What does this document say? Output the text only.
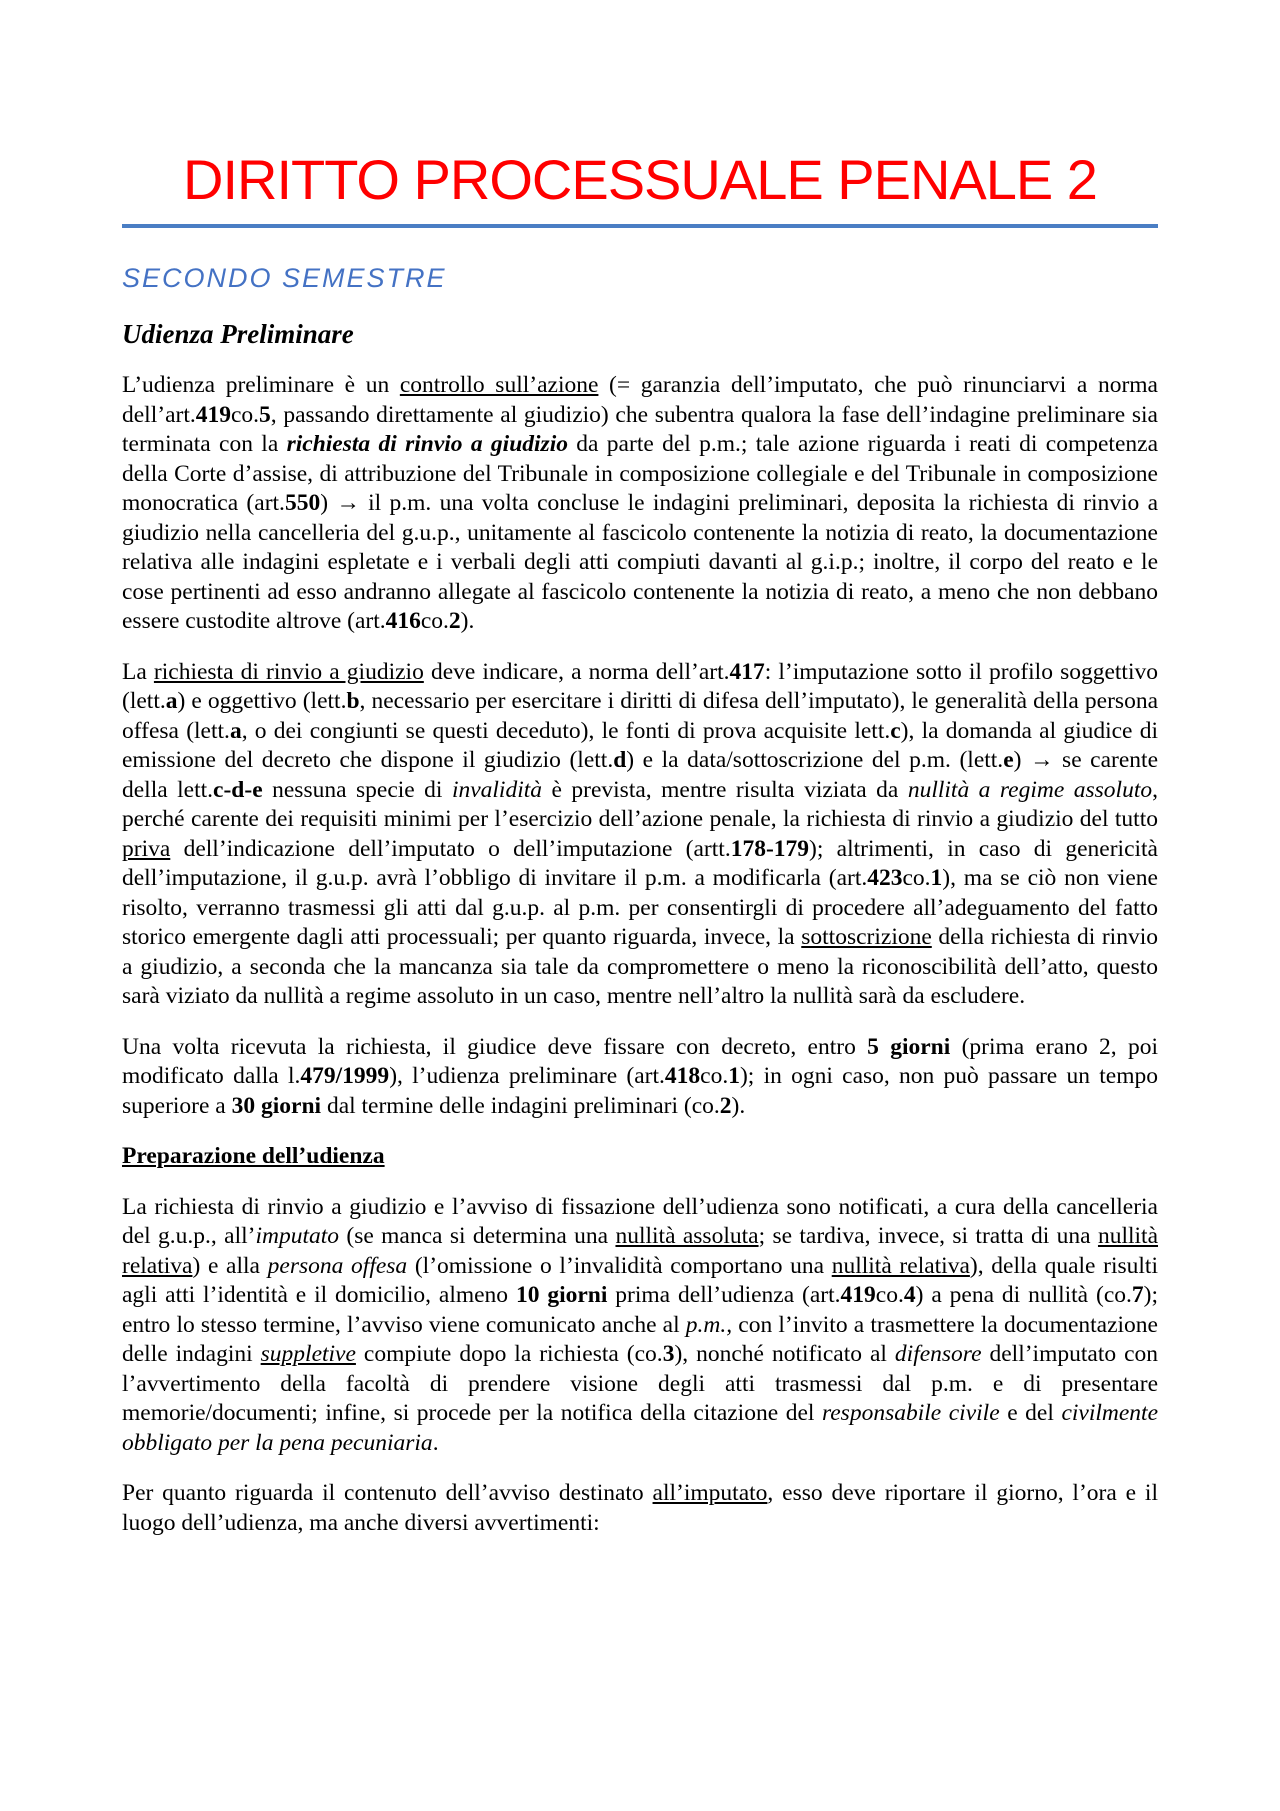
DIRITTO PROCESSUALE PENALE 2
SECONDO SEMESTRE
Udienza Preliminare

L’udienza preliminare è un controllo sull’azione (= garanzia dell’imputato, che può rinunciarvi a norma dell’art.419co.5, passando direttamente al giudizio) che subentra qualora la fase dell’indagine preliminare sia terminata con la richiesta di rinvio a giudizio da parte del p.m.; tale azione riguarda i reati di competenza della Corte d’assise, di attribuzione del Tribunale in composizione collegiale e del Tribunale in composizione monocratica (art.550) → il p.m. una volta concluse le indagini preliminari, deposita la richiesta di rinvio a giudizio nella cancelleria del g.u.p., unitamente al fascicolo contenente la notizia di reato, la documentazione relativa alle indagini espletate e i verbali degli atti compiuti davanti al g.i.p.; inoltre, il corpo del reato e le cose pertinenti ad esso andranno allegate al fascicolo contenente la notizia di reato, a meno che non debbano essere custodite altrove (art.416co.2).

La richiesta di rinvio a giudizio deve indicare, a norma dell’art.417: l’imputazione sotto il profilo soggettivo (lett.a) e oggettivo (lett.b, necessario per esercitare i diritti di difesa dell’imputato), le generalità della persona offesa (lett.a, o dei congiunti se questi deceduto), le fonti di prova acquisite lett.c), la domanda al giudice di emissione del decreto che dispone il giudizio (lett.d) e la data/sottoscrizione del p.m. (lett.e) → se carente della lett.c-d-e nessuna specie di invalidità è prevista, mentre risulta viziata da nullità a regime assoluto, perché carente dei requisiti minimi per l’esercizio dell’azione penale, la richiesta di rinvio a giudizio del tutto priva dell’indicazione dell’imputato o dell’imputazione (artt.178-179); altrimenti, in caso di genericità dell’imputazione, il g.u.p. avrà l’obbligo di invitare il p.m. a modificarla (art.423co.1), ma se ciò non viene risolto, verranno trasmessi gli atti dal g.u.p. al p.m. per consentirgli di procedere all’adeguamento del fatto storico emergente dagli atti processuali; per quanto riguarda, invece, la sottoscrizione della richiesta di rinvio a giudizio, a seconda che la mancanza sia tale da compromettere o meno la riconoscibilità dell’atto, questo sarà viziato da nullità a regime assoluto in un caso, mentre nell’altro la nullità sarà da escludere.

Una volta ricevuta la richiesta, il giudice deve fissare con decreto, entro 5 giorni (prima erano 2, poi modificato dalla l.479/1999), l’udienza preliminare (art.418co.1); in ogni caso, non può passare un tempo superiore a 30 giorni dal termine delle indagini preliminari (co.2).

Preparazione dell’udienza

La richiesta di rinvio a giudizio e l’avviso di fissazione dell’udienza sono notificati, a cura della cancelleria del g.u.p., all’imputato (se manca si determina una nullità assoluta; se tardiva, invece, si tratta di una nullità relativa) e alla persona offesa (l’omissione o l’invalidità comportano una nullità relativa), della quale risulti agli atti l’identità e il domicilio, almeno 10 giorni prima dell’udienza (art.419co.4) a pena di nullità (co.7); entro lo stesso termine, l’avviso viene comunicato anche al p.m., con l’invito a trasmettere la documentazione delle indagini suppletive compiute dopo la richiesta (co.3), nonché notificato al difensore dell’imputato con l’avvertimento della facoltà di prendere visione degli atti trasmessi dal p.m. e di presentare memorie/documenti; infine, si procede per la notifica della citazione del responsabile civile e del civilmente obbligato per la pena pecuniaria.

Per quanto riguarda il contenuto dell’avviso destinato all’imputato, esso deve riportare il giorno, l’ora e il luogo dell’udienza, ma anche diversi avvertimenti:
